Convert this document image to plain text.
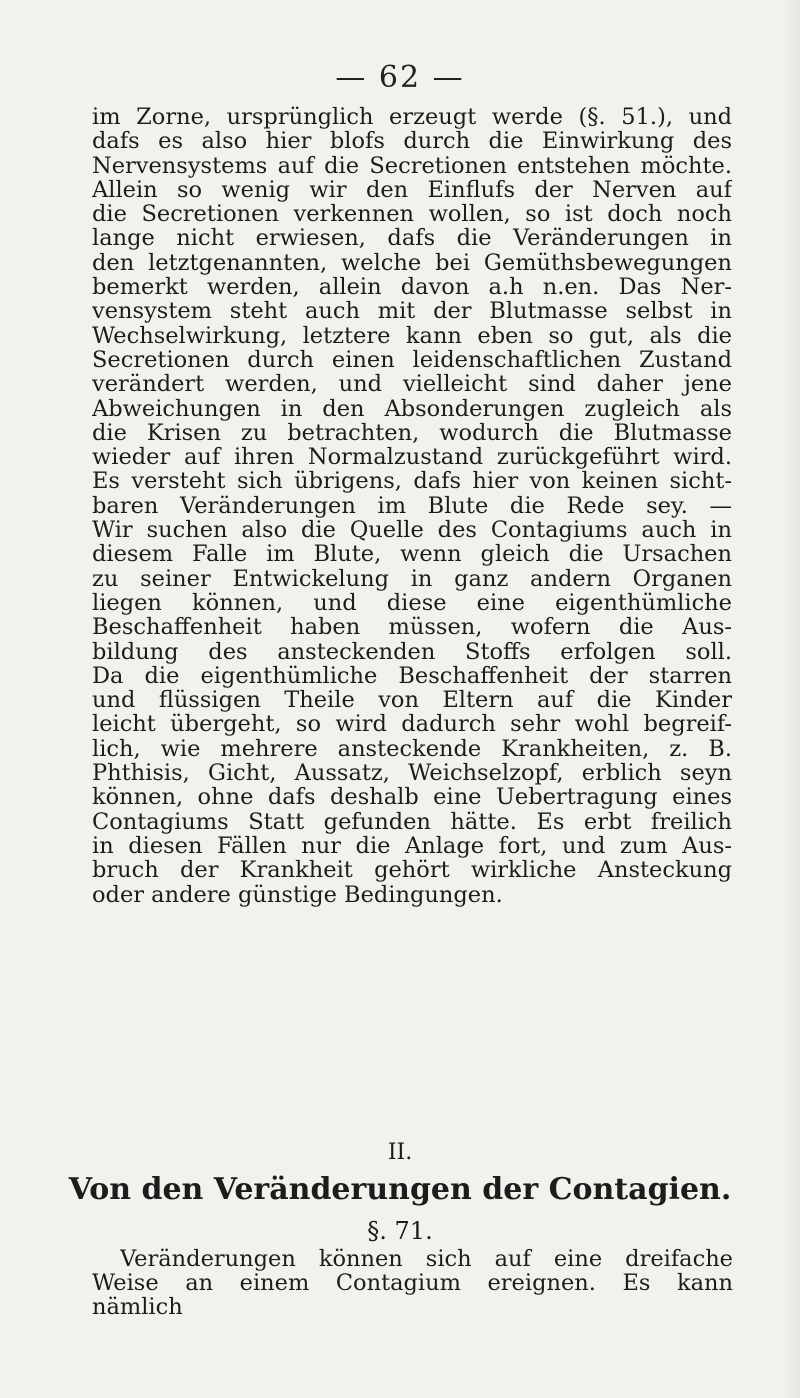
— 62 —
im Zorne, ursprünglich erzeugt werde (§. 51.), und
dafs es also hier blofs durch die Einwirkung des
Nervensystems auf die Secretionen entstehen möchte.
Allein so wenig wir den Einflufs der Nerven auf
die Secretionen verkennen wollen, so ist doch noch
lange nicht erwiesen, dafs die Veränderungen in
den letztgenannten, welche bei Gemüthsbewegungen
bemerkt werden, allein davon a.h n.en. Das Ner-
vensystem steht auch mit der Blutmasse selbst in
Wechselwirkung, letztere kann eben so gut, als die
Secretionen durch einen leidenschaftlichen Zustand
verändert werden, und vielleicht sind daher jene
Abweichungen in den Absonderungen zugleich als
die Krisen zu betrachten, wodurch die Blutmasse
wieder auf ihren Normalzustand zurückgeführt wird.
Es versteht sich übrigens, dafs hier von keinen sicht-
baren Veränderungen im Blute die Rede sey. —
Wir suchen also die Quelle des Contagiums auch in
diesem Falle im Blute, wenn gleich die Ursachen
zu seiner Entwickelung in ganz andern Organen
liegen können, und diese eine eigenthümliche
Beschaffenheit haben müssen, wofern die Aus-
bildung des ansteckenden Stoffs erfolgen soll.
Da die eigenthümliche Beschaffenheit der starren
und flüssigen Theile von Eltern auf die Kinder
leicht übergeht, so wird dadurch sehr wohl begreif-
lich, wie mehrere ansteckende Krankheiten, z. B.
Phthisis, Gicht, Aussatz, Weichselzopf, erblich seyn
können, ohne dafs deshalb eine Uebertragung eines
Contagiums Statt gefunden hätte. Es erbt freilich
in diesen Fällen nur die Anlage fort, und zum Aus-
bruch der Krankheit gehört wirkliche Ansteckung
oder andere günstige Bedingungen.
II.
Von den Veränderungen der Contagien.
§. 71.
Veränderungen können sich auf eine dreifache
Weise an einem Contagium ereignen. Es kann
nämlich
